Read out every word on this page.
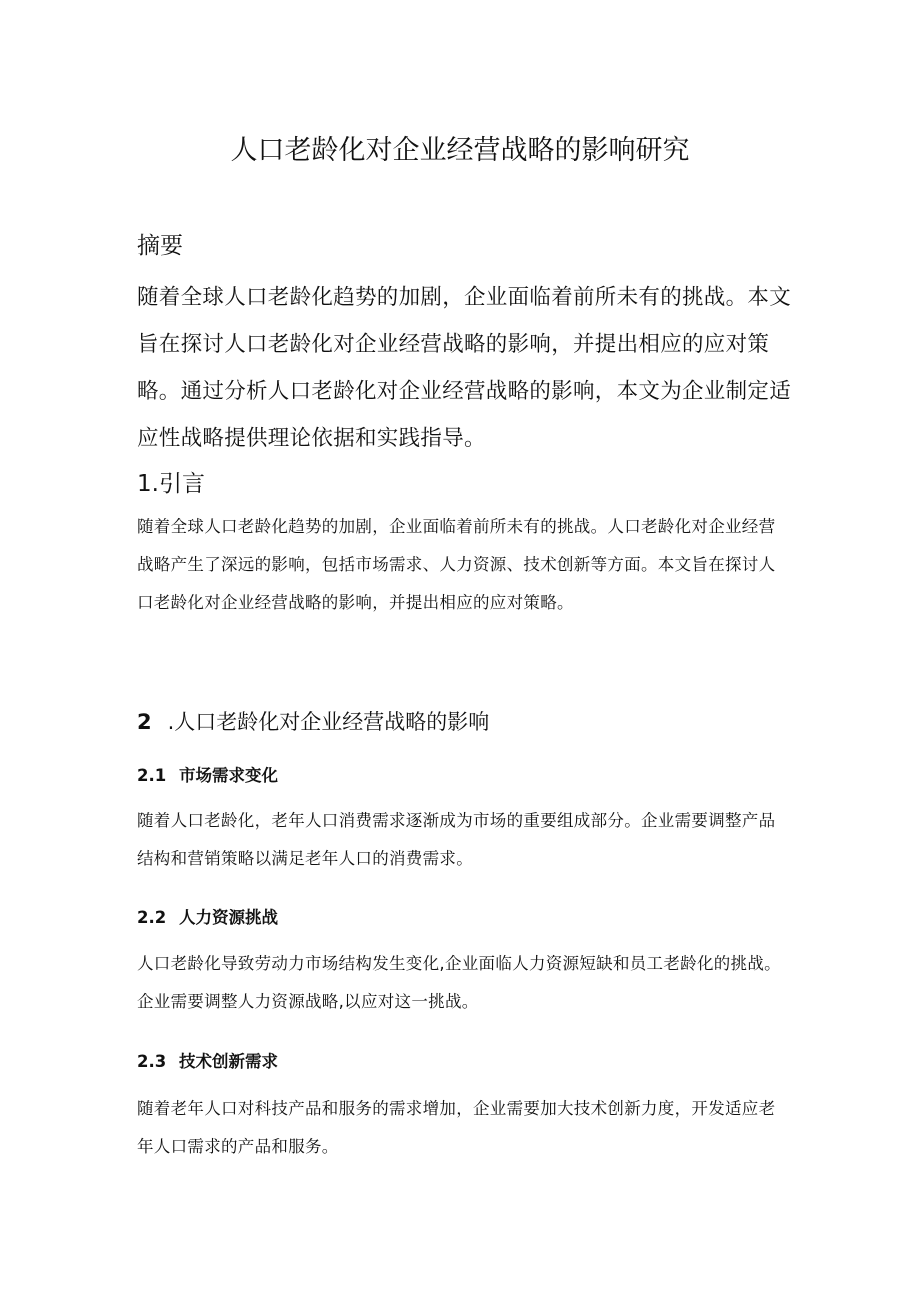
人口老龄化对企业经营战略的影响研究
摘要

随着全球人口老龄化趋势的加剧，企业面临着前所未有的挑战。本文旨在探讨人口老龄化对企业经营战略的影响，并提出相应的应对策略。通过分析人口老龄化对企业经营战略的影响，本文为企业制定适应性战略提供理论依据和实践指导。

1.引言

随着全球人口老龄化趋势的加剧，企业面临着前所未有的挑战。人口老龄化对企业经营战略产生了深远的影响，包括市场需求、人力资源、技术创新等方面。本文旨在探讨人口老龄化对企业经营战略的影响，并提出相应的应对策略。

2 .人口老龄化对企业经营战略的影响
2.1 市场需求变化

随着人口老龄化，老年人口消费需求逐渐成为市场的重要组成部分。企业需要调整产品结构和营销策略以满足老年人口的消费需求。

2.2 人力资源挑战

人口老龄化导致劳动力市场结构发生变化,企业面临人力资源短缺和员工老龄化的挑战。企业需要调整人力资源战略,以应对这一挑战。

2.3 技术创新需求

随着老年人口对科技产品和服务的需求增加，企业需要加大技术创新力度，开发适应老年人口需求的产品和服务。
